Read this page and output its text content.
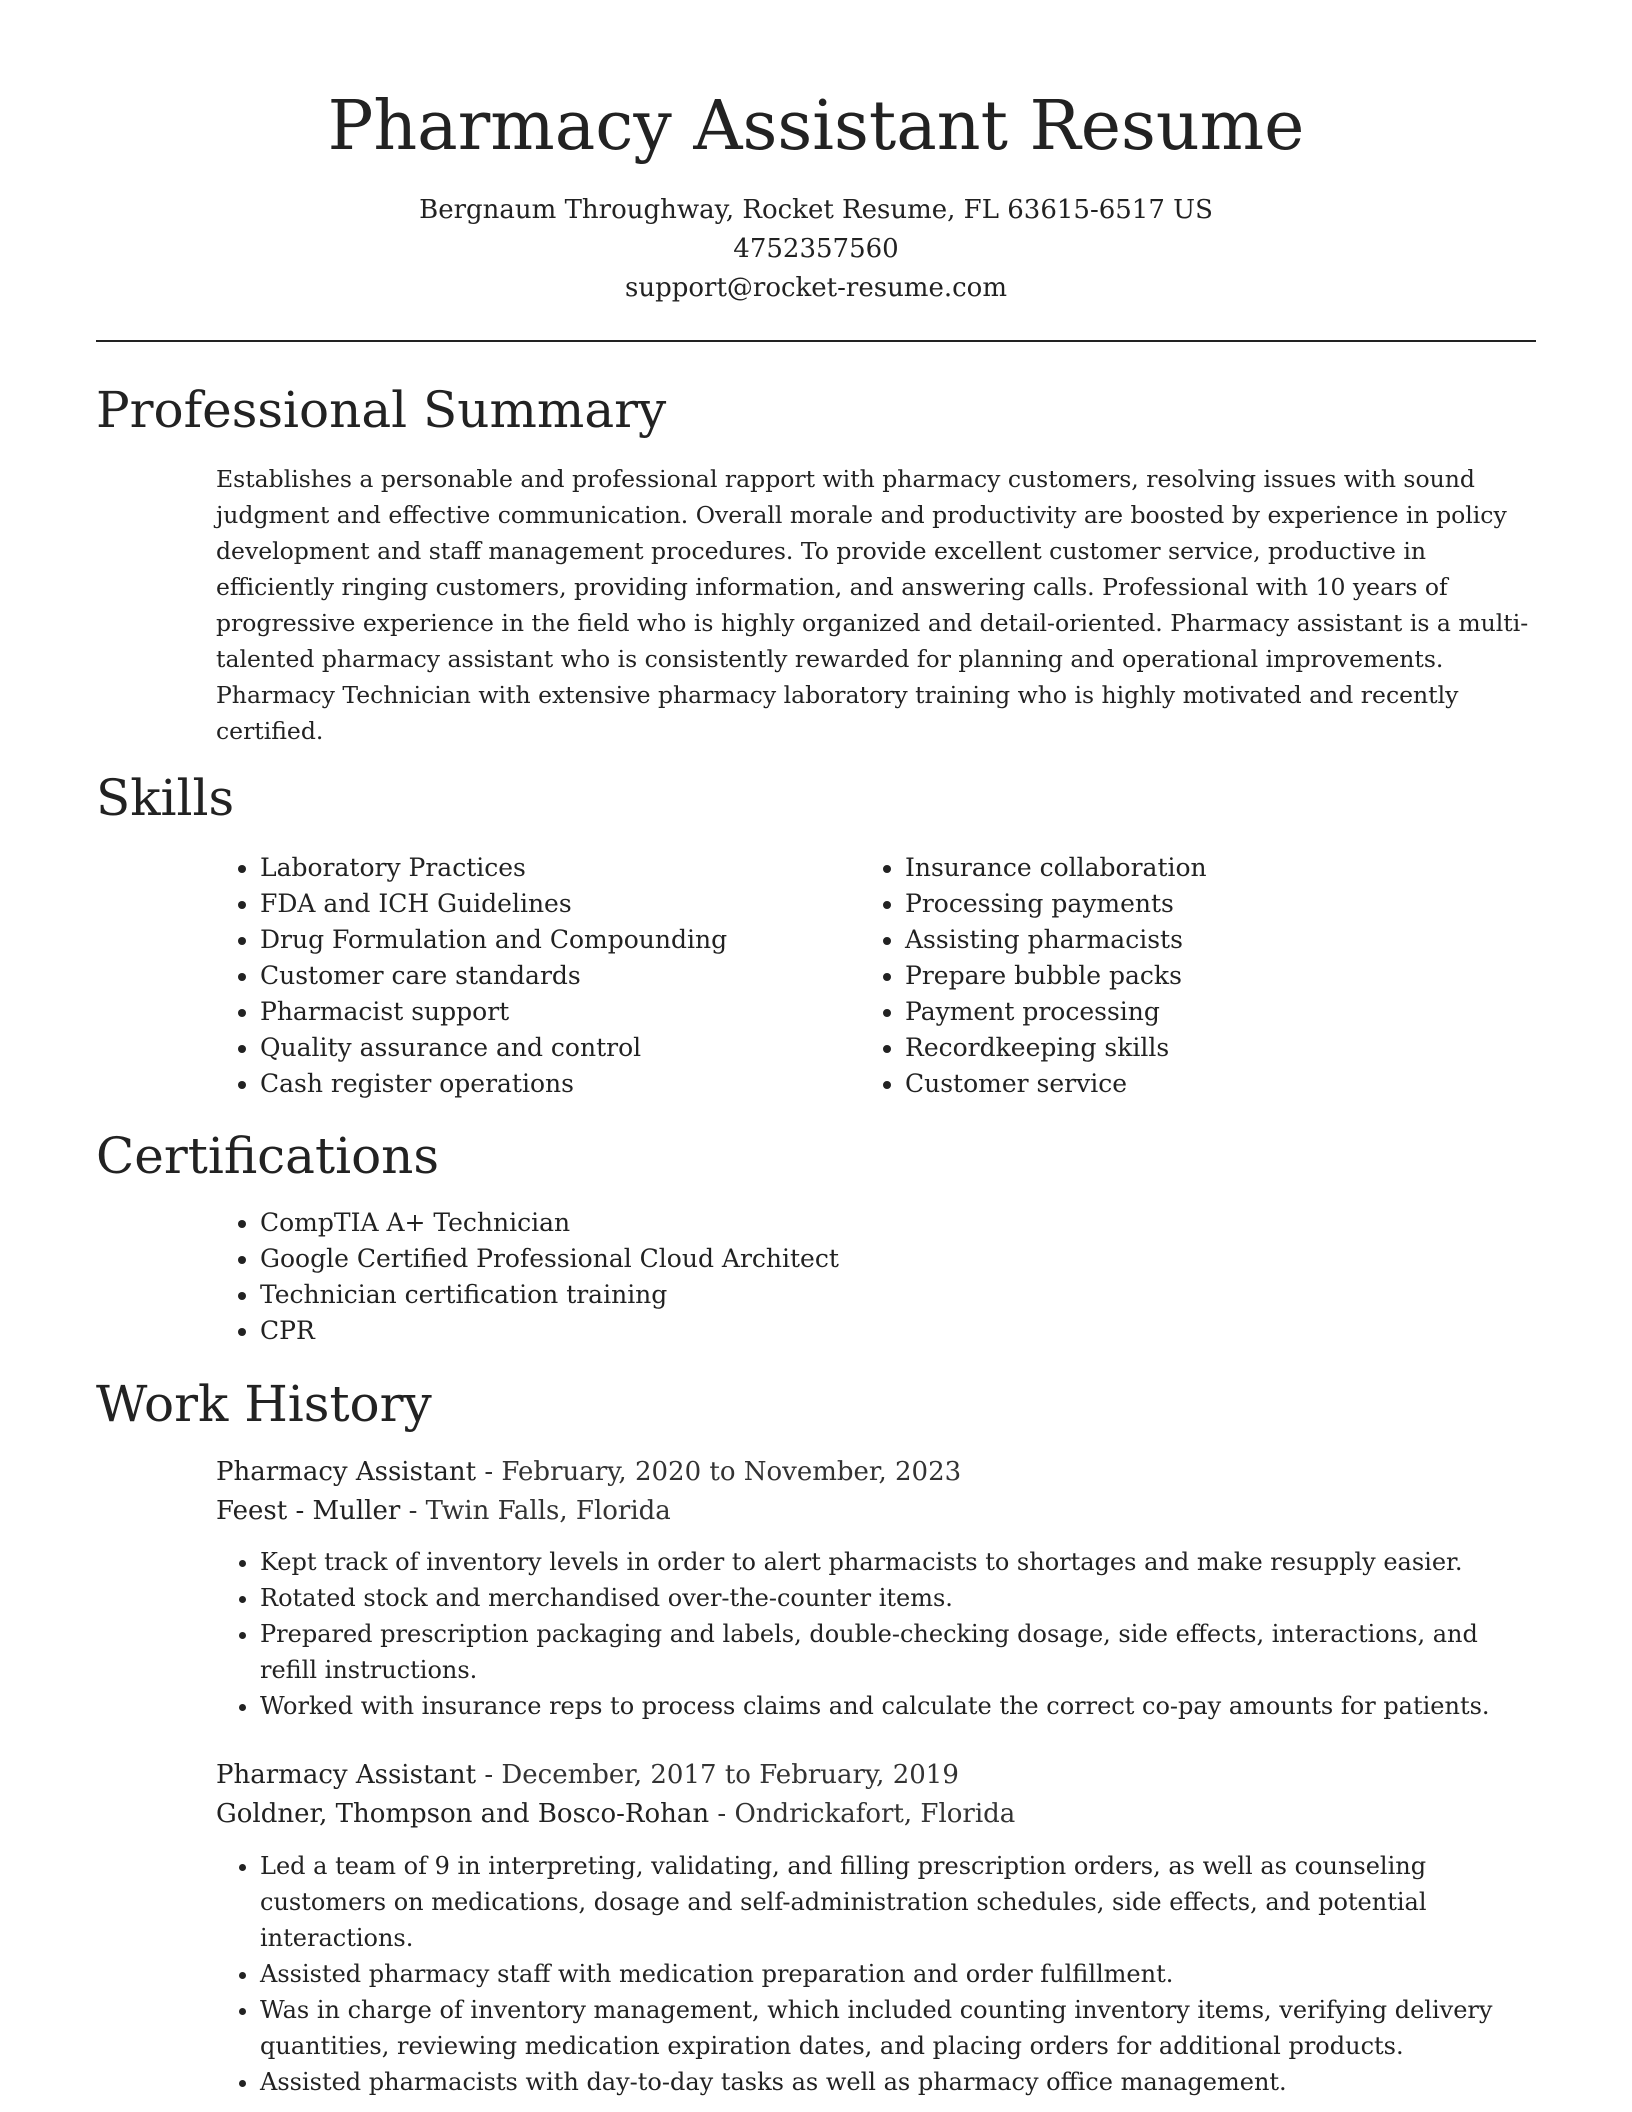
Pharmacy Assistant Resume
Bergnaum Throughway, Rocket Resume, FL 63615-6517 US
4752357560
support@rocket-resume.com
Professional Summary
Establishes a personable and professional rapport with pharmacy customers, resolving issues with sound judgment and effective communication. Overall morale and productivity are boosted by experience in policy development and staff management procedures. To provide excellent customer service, productive in efficiently ringing customers, providing information, and answering calls. Professional with 10 years of progressive experience in the field who is highly organized and detail-oriented. Pharmacy assistant is a multi-talented pharmacy assistant who is consistently rewarded for planning and operational improvements. Pharmacy Technician with extensive pharmacy laboratory training who is highly motivated and recently certified.
Skills
• Laboratory Practices
• FDA and ICH Guidelines
• Drug Formulation and Compounding
• Customer care standards
• Pharmacist support
• Quality assurance and control
• Cash register operations
• Insurance collaboration
• Processing payments
• Assisting pharmacists
• Prepare bubble packs
• Payment processing
• Recordkeeping skills
• Customer service
Certifications
• CompTIA A+ Technician
• Google Certified Professional Cloud Architect
• Technician certification training
• CPR
Work History
Pharmacy Assistant - February, 2020 to November, 2023
Feest - Muller - Twin Falls, Florida
• Kept track of inventory levels in order to alert pharmacists to shortages and make resupply easier.
• Rotated stock and merchandised over-the-counter items.
• Prepared prescription packaging and labels, double-checking dosage, side effects, interactions, and refill instructions.
• Worked with insurance reps to process claims and calculate the correct co-pay amounts for patients.
Pharmacy Assistant - December, 2017 to February, 2019
Goldner, Thompson and Bosco-Rohan - Ondrickafort, Florida
• Led a team of 9 in interpreting, validating, and filling prescription orders, as well as counseling customers on medications, dosage and self-administration schedules, side effects, and potential interactions.
• Assisted pharmacy staff with medication preparation and order fulfillment.
• Was in charge of inventory management, which included counting inventory items, verifying delivery quantities, reviewing medication expiration dates, and placing orders for additional products.
• Assisted pharmacists with day-to-day tasks as well as pharmacy office management.
